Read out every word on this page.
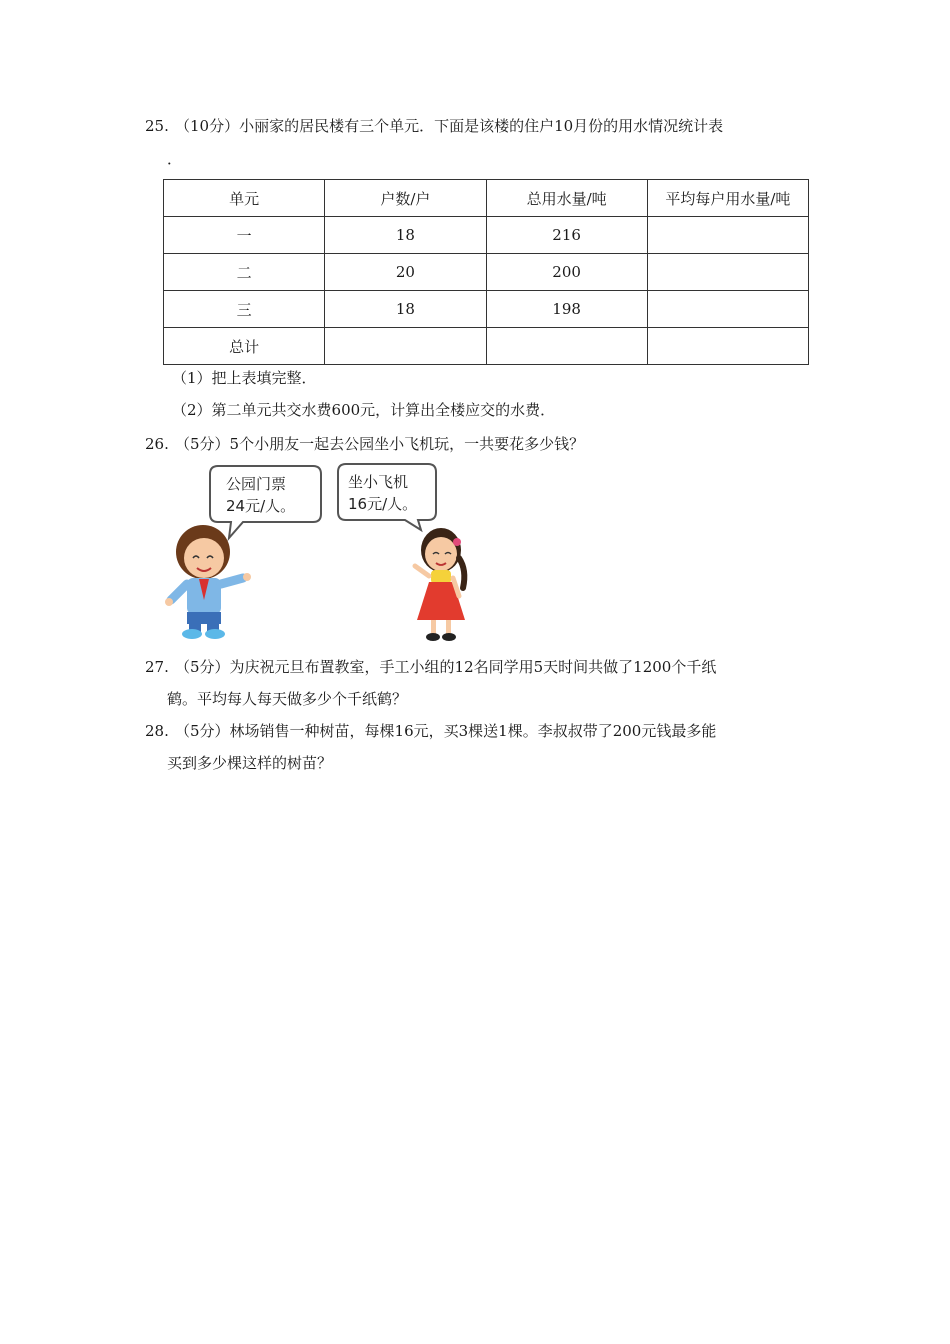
25. （10分）小丽家的居民楼有三个单元．下面是该楼的住户10月份的用水情况统计表
．
单元	户数/户	总用水量/吨	平均每户用水量/吨
一	18	216	
二	20	200	
三	18	198	
总计			
（1）把上表填完整．
（2）第二单元共交水费600元，计算出全楼应交的水费．
26. （5分）5个小朋友一起去公园坐小飞机玩，一共要花多少钱？
公园门票
24元/人。
坐小飞机
16元/人。
27. （5分）为庆祝元旦布置教室，手工小组的12名同学用5天时间共做了1200个千纸
鹤。平均每人每天做多少个千纸鹤？
28. （5分）林场销售一种树苗，每棵16元，买3棵送1棵。李叔叔带了200元钱最多能
买到多少棵这样的树苗？
